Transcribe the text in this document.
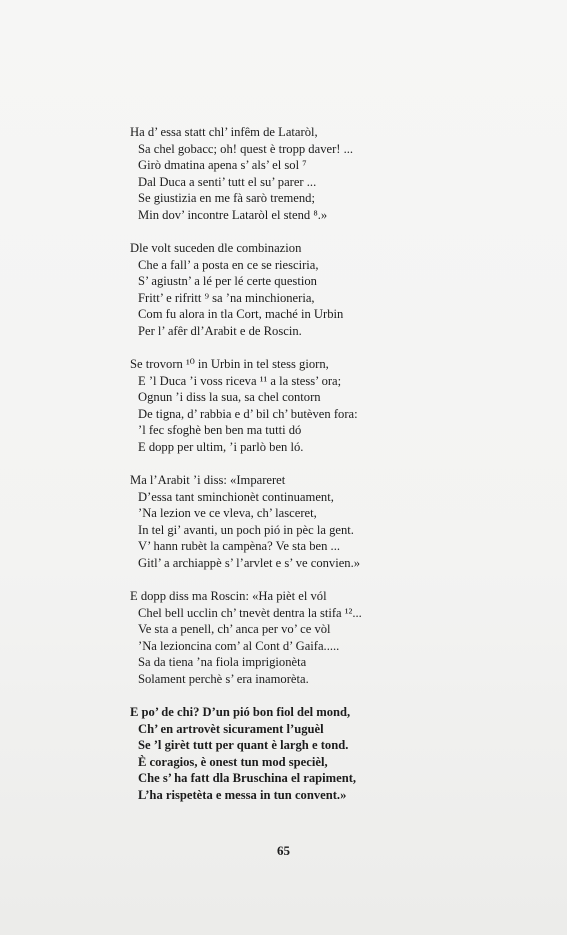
Ha d’ essa statt chl’ infêm de Lataròl,
Sa chel gobacc; oh! quest è tropp daver! ...
Girò dmatina apena s’ als’ el sol ⁷
Dal Duca a senti’ tutt el su’ parer ...
Se giustizia en me fà sarò tremend;
Min dov’ incontre Lataròl el stend ⁸.»
Dle volt suceden dle combinazion
Che a fall’ a posta en ce se riesciria,
S’ agiustn’ a lé per lé certe question
Fritt’ e rifritt ⁹ sa ’na minchioneria,
Com fu alora in tla Cort, maché in Urbin
Per l’ afêr dl’Arabit e de Roscin.
Se trovorn ¹⁰ in Urbin in tel stess giorn,
E ’l Duca ’i voss riceva ¹¹ a la stess’ ora;
Ognun ’i diss la sua, sa chel contorn
De tigna, d’ rabbia e d’ bil ch’ butèven fora:
’l fec sfoghè ben ben ma tutti dó
E dopp per ultim, ’i parlò ben ló.
Ma l’Arabit ’i diss: «Impareret
D’essa tant sminchionèt continuament,
’Na lezion ve ce vleva, ch’ lasceret,
In tel gi’ avanti, un poch pió in pèc la gent.
V’ hann rubèt la campèna? Ve sta ben ...
Gitl’ a archiappè s’ l’arvlet e s’ ve convien.»
E dopp diss ma Roscin: «Ha pièt el vól
Chel bell ucclin ch’ tnevèt dentra la stifa ¹²...
Ve sta a penell, ch’ anca per vo’ ce vòl
’Na lezioncina com’ al Cont d’ Gaifa.....
Sa da tiena ’na fiola imprigionèta
Solament perchè s’ era inamorèta.
E po’ de chi? D’un pió bon fiol del mond,
Ch’ en artrovèt sicurament l’uguèl
Se ’l girèt tutt per quant è largh e tond.
È coragios, è onest tun mod specièl,
Che s’ ha fatt dla Bruschina el rapiment,
L’ha rispetèta e messa in tun convent.»
65
